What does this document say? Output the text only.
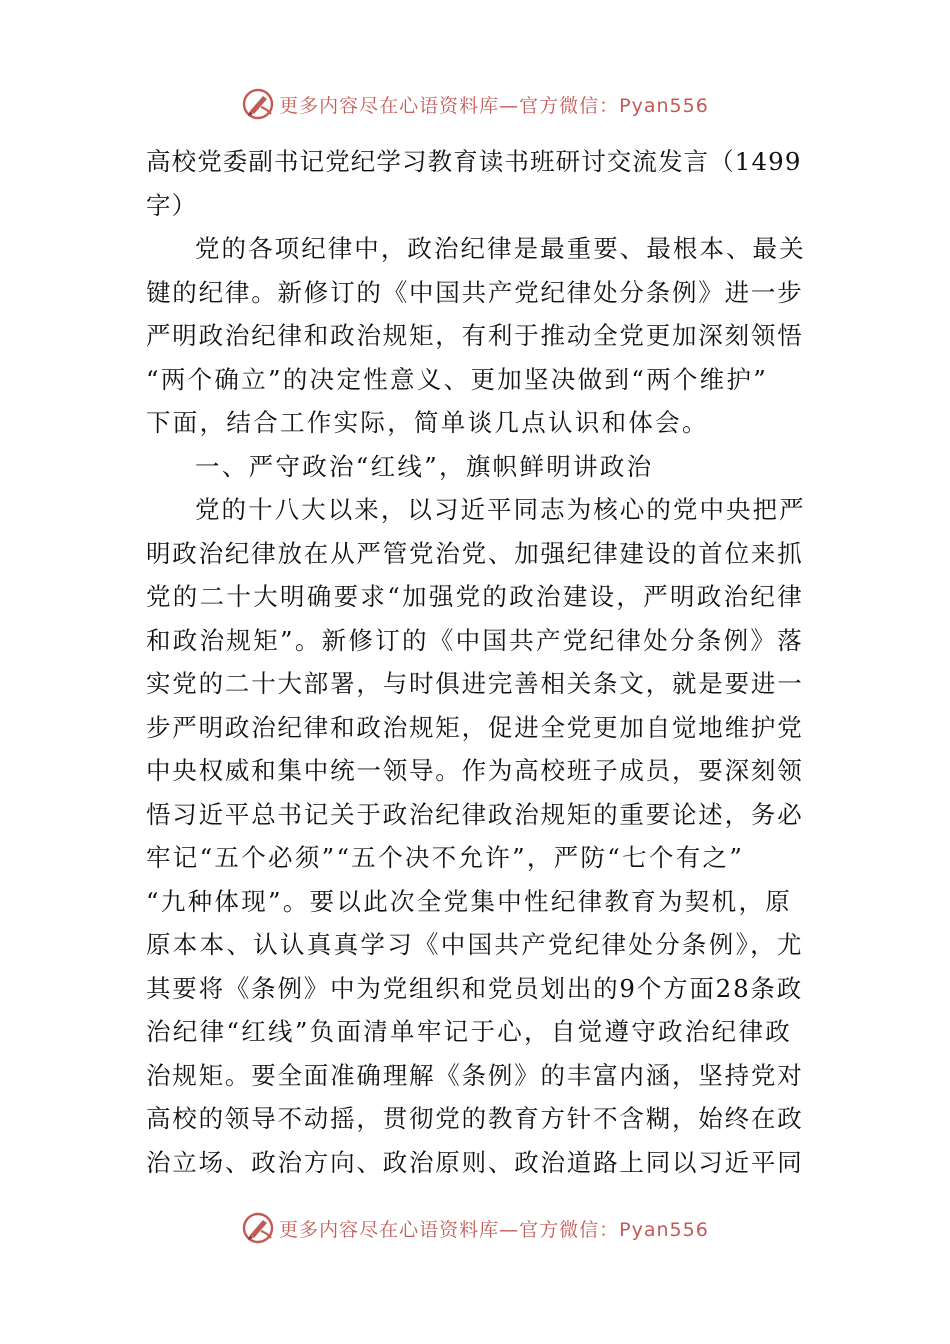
更多内容尽在心语资料库—官方微信：Pyan556
高校党委副书记党纪学习教育读书班研讨交流发言（1499
字）
党的各项纪律中，政治纪律是最重要、最根本、最关
键的纪律。新修订的《中国共产党纪律处分条例》进一步
严明政治纪律和政治规矩，有利于推动全党更加深刻领悟
“两个确立”的决定性意义、更加坚决做到“两个维护”
下面，结合工作实际，简单谈几点认识和体会。
一、严守政治“红线”，旗帜鲜明讲政治
党的十八大以来，以习近平同志为核心的党中央把严
明政治纪律放在从严管党治党、加强纪律建设的首位来抓
党的二十大明确要求“加强党的政治建设，严明政治纪律
和政治规矩”。新修订的《中国共产党纪律处分条例》落
实党的二十大部署，与时俱进完善相关条文，就是要进一
步严明政治纪律和政治规矩，促进全党更加自觉地维护党
中央权威和集中统一领导。作为高校班子成员，要深刻领
悟习近平总书记关于政治纪律政治规矩的重要论述，务必
牢记“五个必须”“五个决不允许”，严防“七个有之”
“九种体现”。要以此次全党集中性纪律教育为契机，原
原本本、认认真真学习《中国共产党纪律处分条例》，尤
其要将《条例》中为党组织和党员划出的9个方面28条政
治纪律“红线”负面清单牢记于心，自觉遵守政治纪律政
治规矩。要全面准确理解《条例》的丰富内涵，坚持党对
高校的领导不动摇，贯彻党的教育方针不含糊，始终在政
治立场、政治方向、政治原则、政治道路上同以习近平同
更多内容尽在心语资料库—官方微信：Pyan556
